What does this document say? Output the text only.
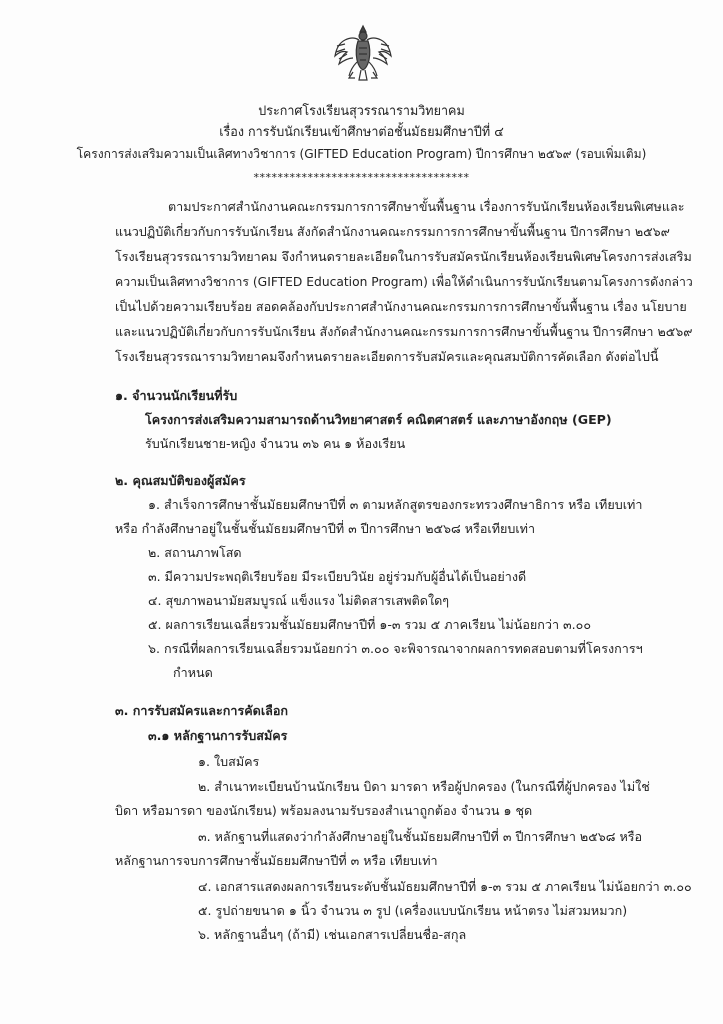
ประกาศโรงเรียนสุวรรณารามวิทยาคม
เรื่อง การรับนักเรียนเข้าศึกษาต่อชั้นมัธยมศึกษาปีที่ ๔
โครงการส่งเสริมความเป็นเลิศทางวิชาการ (GIFTED Education Program) ปีการศึกษา ๒๕๖๙ (รอบเพิ่มเติม)
************************************
ตามประกาศสำนักงานคณะกรรมการการศึกษาขั้นพื้นฐาน เรื่องการรับนักเรียนห้องเรียนพิเศษและ
แนวปฏิบัติเกี่ยวกับการรับนักเรียน สังกัดสำนักงานคณะกรรมการการศึกษาขั้นพื้นฐาน ปีการศึกษา ๒๕๖๙
โรงเรียนสุวรรณารามวิทยาคม จึงกำหนดรายละเอียดในการรับสมัครนักเรียนห้องเรียนพิเศษโครงการส่งเสริม
ความเป็นเลิศทางวิชาการ (GIFTED Education Program) เพื่อให้ดำเนินการรับนักเรียนตามโครงการดังกล่าว
เป็นไปด้วยความเรียบร้อย สอดคล้องกับประกาศสำนักงานคณะกรรมการการศึกษาขั้นพื้นฐาน เรื่อง นโยบาย
และแนวปฏิบัติเกี่ยวกับการรับนักเรียน สังกัดสำนักงานคณะกรรมการการศึกษาขั้นพื้นฐาน ปีการศึกษา ๒๕๖๙
โรงเรียนสุวรรณารามวิทยาคมจึงกำหนดรายละเอียดการรับสมัครและคุณสมบัติการคัดเลือก ดังต่อไปนี้
๑. จำนวนนักเรียนที่รับ
โครงการส่งเสริมความสามารถด้านวิทยาศาสตร์ คณิตศาสตร์ และภาษาอังกฤษ (GEP)
รับนักเรียนชาย-หญิง จำนวน ๓๖ คน ๑ ห้องเรียน
๒. คุณสมบัติของผู้สมัคร
๑. สำเร็จการศึกษาชั้นมัธยมศึกษาปีที่ ๓ ตามหลักสูตรของกระทรวงศึกษาธิการ หรือ เทียบเท่า
หรือ กำลังศึกษาอยู่ในชั้นชั้นมัธยมศึกษาปีที่ ๓ ปีการศึกษา ๒๕๖๘ หรือเทียบเท่า
๒. สถานภาพโสด
๓. มีความประพฤติเรียบร้อย มีระเบียบวินัย อยู่ร่วมกับผู้อื่นได้เป็นอย่างดี
๔. สุขภาพอนามัยสมบูรณ์ แข็งแรง ไม่ติดสารเสพติดใดๆ
๕. ผลการเรียนเฉลี่ยรวมชั้นมัธยมศึกษาปีที่ ๑-๓ รวม ๕ ภาคเรียน ไม่น้อยกว่า ๓.๐๐
๖. กรณีที่ผลการเรียนเฉลี่ยรวมน้อยกว่า ๓.๐๐ จะพิจารณาจากผลการทดสอบตามที่โครงการฯ
กำหนด
๓. การรับสมัครและการคัดเลือก
๓.๑ หลักฐานการรับสมัคร
๑. ใบสมัคร
๒. สำเนาทะเบียนบ้านนักเรียน บิดา มารดา หรือผู้ปกครอง (ในกรณีที่ผู้ปกครอง ไม่ใช่
บิดา หรือมารดา ของนักเรียน) พร้อมลงนามรับรองสำเนาถูกต้อง จำนวน ๑ ชุด
๓. หลักฐานที่แสดงว่ากำลังศึกษาอยู่ในชั้นมัธยมศึกษาปีที่ ๓ ปีการศึกษา ๒๕๖๘ หรือ
หลักฐานการจบการศึกษาชั้นมัธยมศึกษาปีที่ ๓ หรือ เทียบเท่า
๔. เอกสารแสดงผลการเรียนระดับชั้นมัธยมศึกษาปีที่ ๑-๓ รวม ๕ ภาคเรียน ไม่น้อยกว่า ๓.๐๐
๕. รูปถ่ายขนาด ๑ นิ้ว จำนวน ๓ รูป (เครื่องแบบนักเรียน หน้าตรง ไม่สวมหมวก)
๖. หลักฐานอื่นๆ (ถ้ามี) เช่นเอกสารเปลี่ยนชื่อ-สกุล
